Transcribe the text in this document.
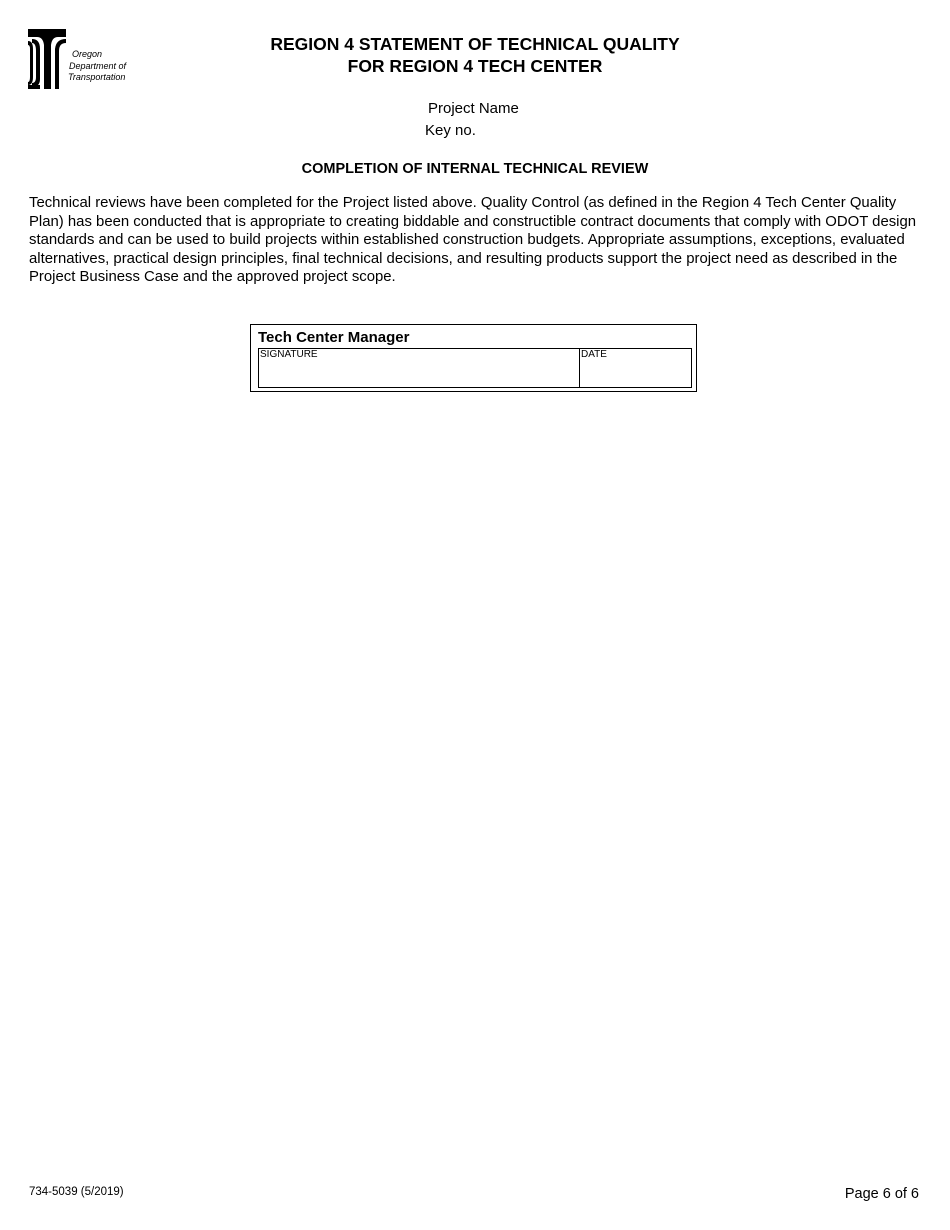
Oregon
Department of
Transportation
REGION 4 STATEMENT OF TECHNICAL QUALITY
FOR REGION 4 TECH CENTER
Project Name
Key no.
COMPLETION OF INTERNAL TECHNICAL REVIEW
Technical reviews have been completed for the Project listed above. Quality Control (as defined in the Region 4 Tech Center Quality Plan) has been conducted that is appropriate to creating biddable and constructible contract documents that comply with ODOT design standards and can be used to build projects within established construction budgets. Appropriate assumptions, exceptions, evaluated alternatives, practical design principles, final technical decisions, and resulting products support the project need as described in the Project Business Case and the approved project scope.
Tech Center Manager
SIGNATURE	DATE
734-5039 (5/2019)	Page 6 of 6
